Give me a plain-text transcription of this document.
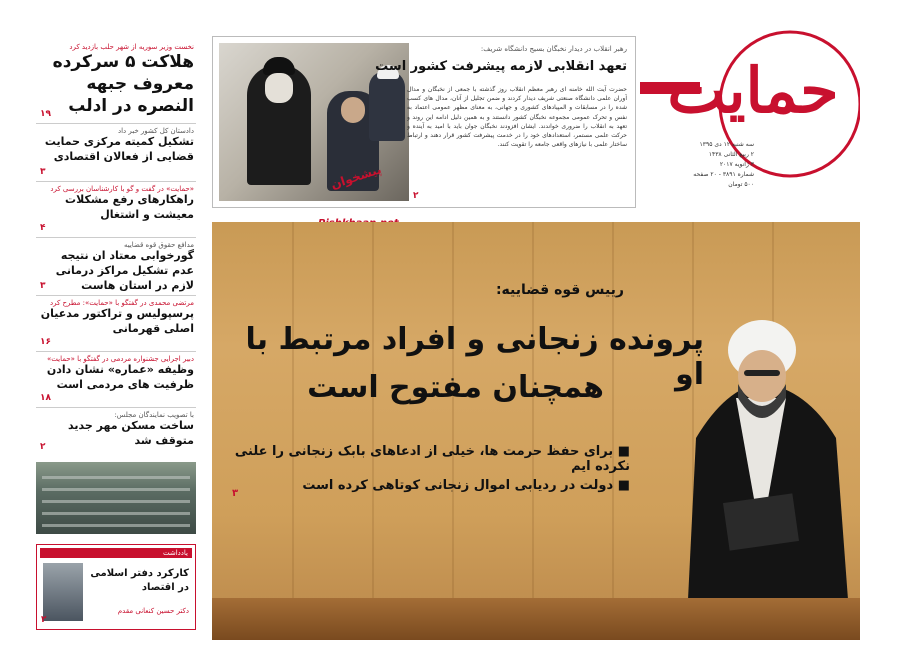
نخست وزیر سوریه از شهر حلب بازدید کرد
هلاکت ۵ سرکرده معروف جبهه النصره در ادلب
۱۹
دادستان کل کشور خبر داد
تشکیل کمیته مرکزی حمایت قضایی از فعالان اقتصادی
۳
«حمایت» در گفت و گو با کارشناسان بررسی کرد
راهکارهای رفع مشکلات معیشت و اشتغال
۴
مدافع حقوق قوه قضاییه
گورخوابی معتاد ان نتیجه عدم تشکیل مراکز درمانی لازم در استان هاست
۳
مرتضی محمدی در گفتگو با «حمایت»: مطرح کرد
پرسپولیس و تراکتور مدعیان اصلی قهرمانی
۱۶
دبیر اجرایی جشنواره مردمی در گفتگو با «حمایت»
وظیفه «عماره» نشان دادن ظرفیت های مردمی است
۱۸
با تصویب نمایندگان مجلس:
ساخت مسکن مهر جدید متوقف شد
۲
یادداشت
کارکرد دفتر اسلامی در اقتصاد
دکتر حسین کنعانی مقدم
۲
رهبر انقلاب در دیدار نخبگان بسیج دانشگاه شریف:
تعهد انقلابی لازمه پیشرفت کشور است
حضرت آیت الله خامنه ای رهبر معظم انقلاب روز گذشته با جمعی از نخبگان و مدال آوران علمی دانشگاه صنعتی شریف دیدار کردند و ضمن تجلیل از آنان، مدال های کسب شده را در مسابقات و المپیادهای کشوری و جهانی، به معنای مظهر عمومی اعتماد به نفس و تحرک عمومی مجموعه نخبگان کشور دانستند و به همین دلیل ادامه این روند و تعهد به انقلاب را ضروری خواندند. ایشان افزودند نخبگان جوان باید با امید به آینده و حرکت علمی مستمر، استعدادهای خود را در خدمت پیشرفت کشور قرار دهند و ارتباط ساختار علمی با نیازهای واقعی جامعه را تقویت کنند.
۲
حمایت
سه شنبه ۱۲ دی ۱۳۹۵
۲ ربیع الثانی ۱۴۳۸
۳ ژانویه ۲۰۱۷
شماره ۳۸۹۱ - ۲۰ صفحه
۵۰۰ تومان
پیشخوان
رییس قوه قضاییه:
پرونده زنجانی و افراد مرتبط با او
همچنان مفتوح است
■ برای حفظ حرمت ها، خیلی از ادعاهای بابک زنجانی را علنی نکرده ایم
■ دولت در ردیابی اموال زنجانی کوتاهی کرده است
۳
